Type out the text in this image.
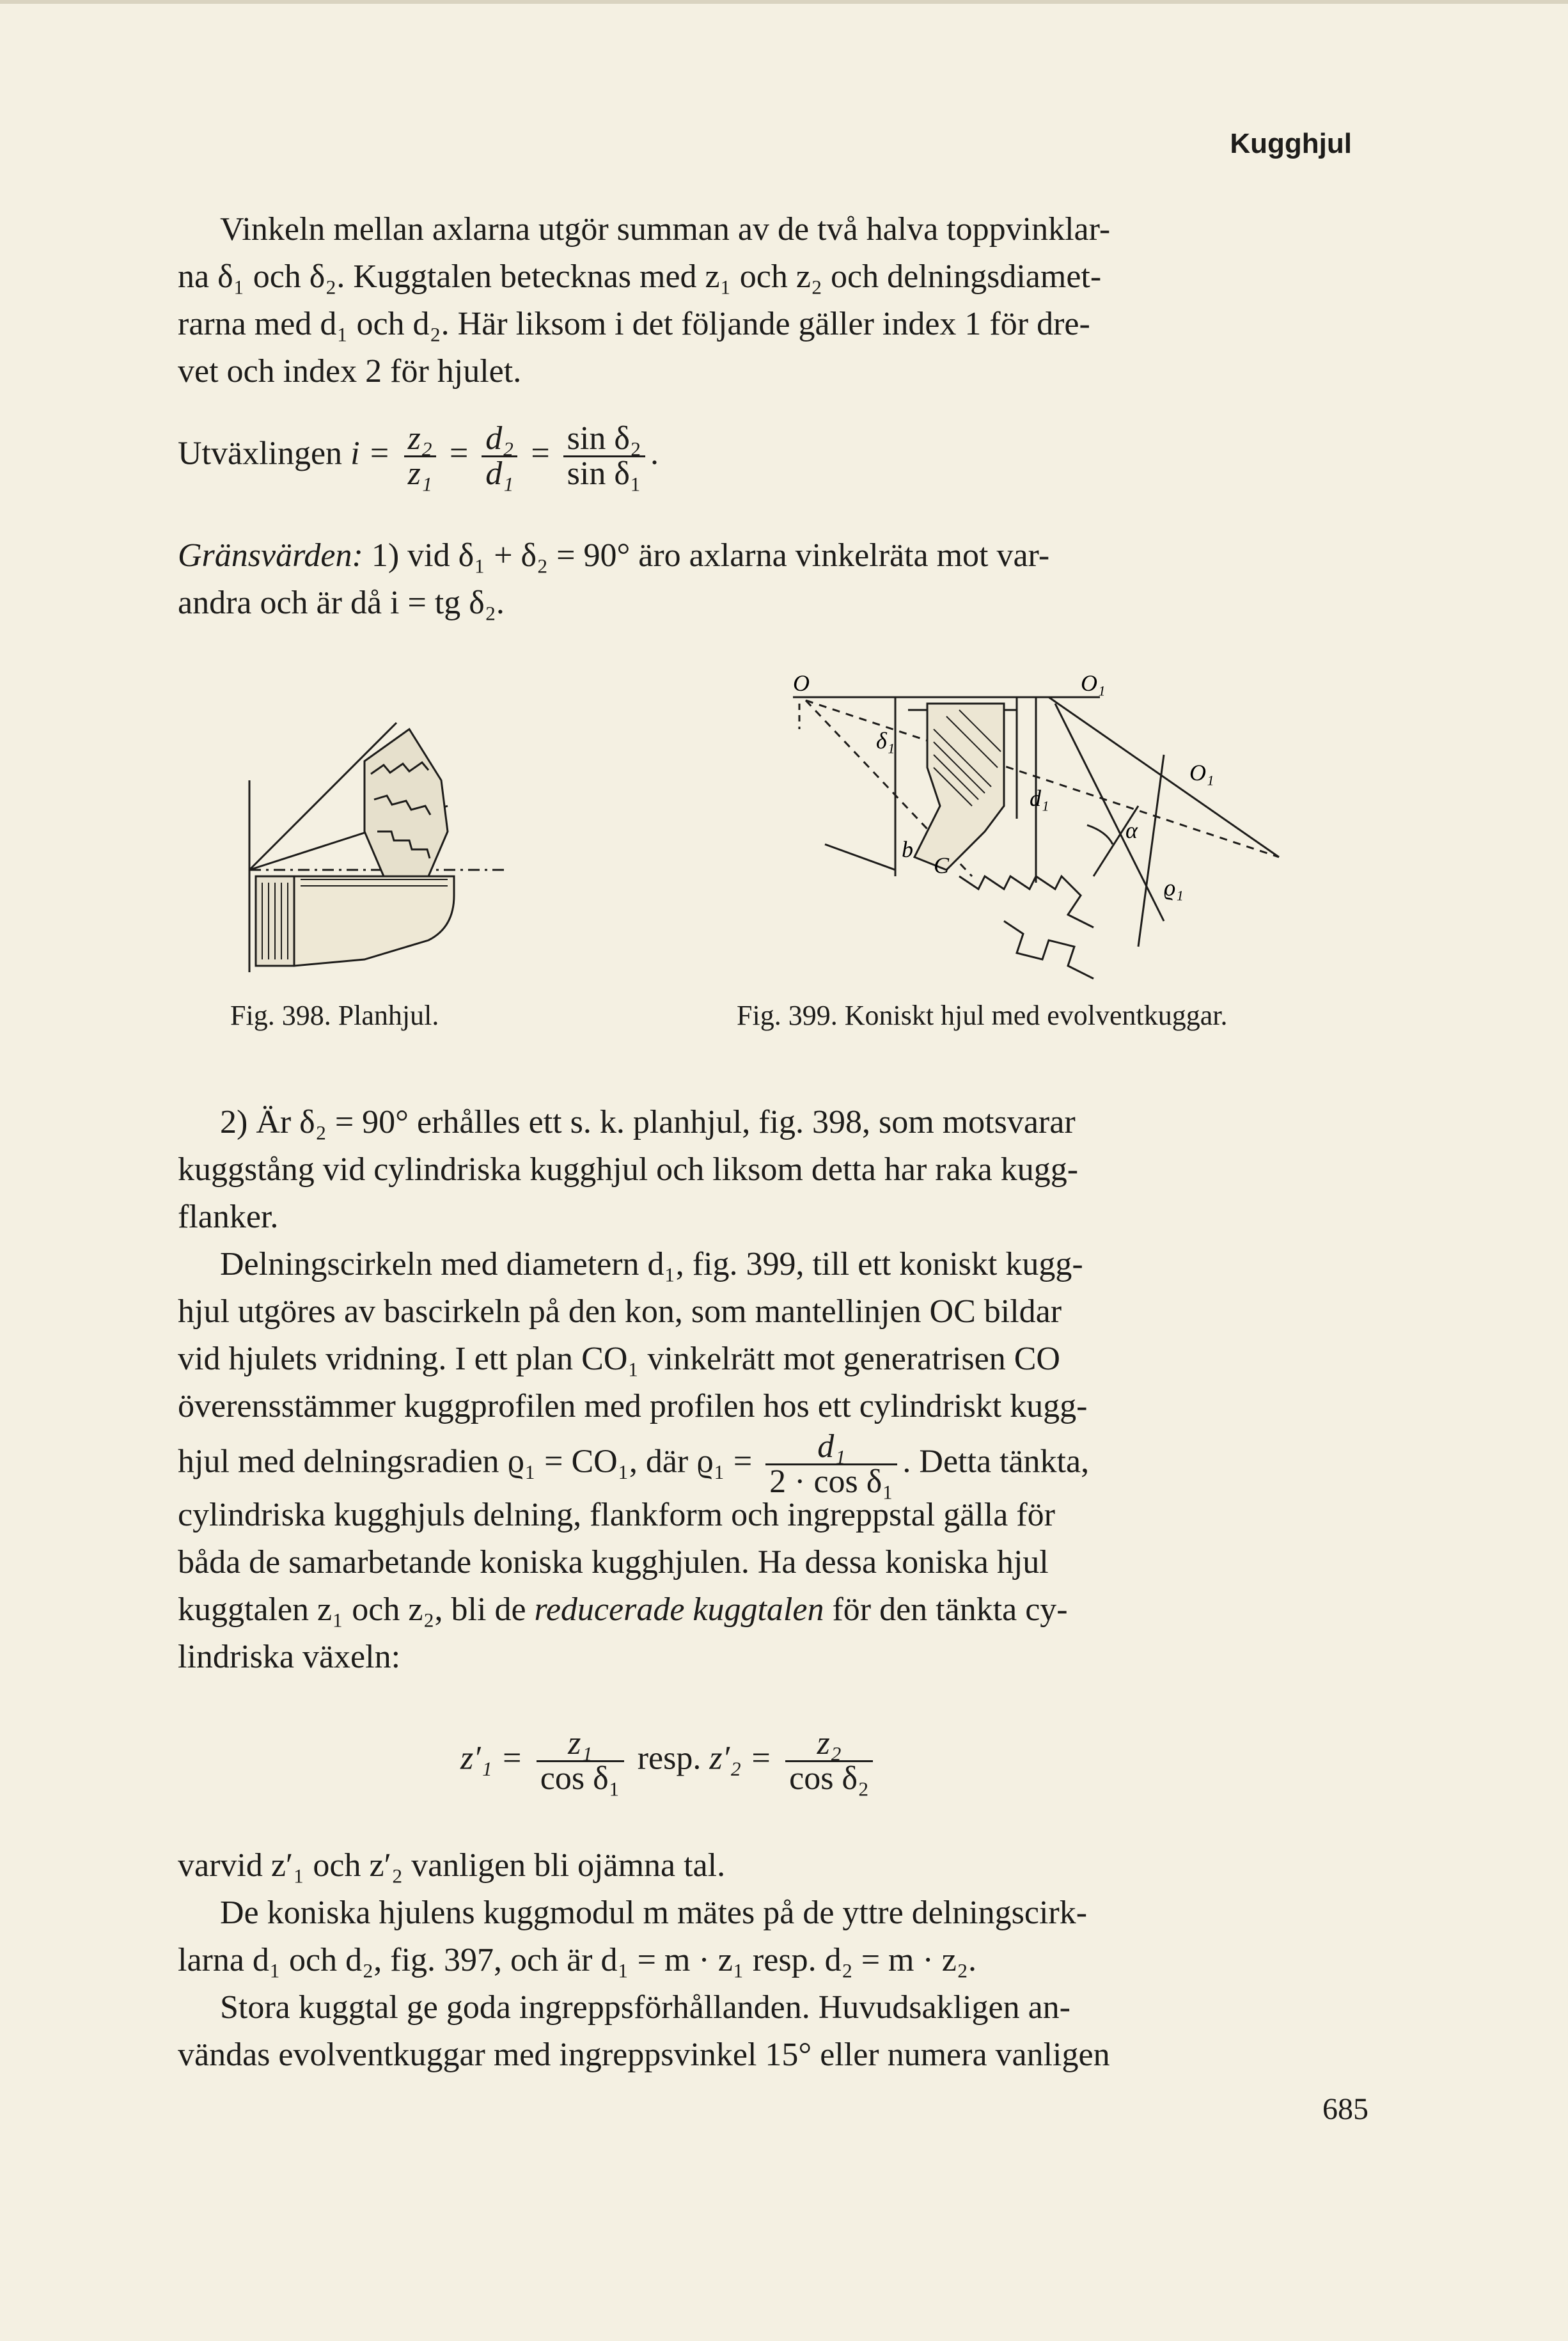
Kugghjul

Vinkeln mellan axlarna utgör summan av de två halva toppvinklar-

na δ₁ och δ₂. Kuggtalen betecknas med z₁ och z₂ och delningsdiamet-

rarna med d₁ och d₂. Här liksom i det följande gäller index 1 för dre-

vet och index 2 för hjulet.

Utväxlingen $i = \frac{\text{z₂}}{\text{z₁}} = \frac{\text{d₂}}{\text{d₁}} = \frac{\text{sin δ₂}}{\text{sin δ₁}}$ .

Gränsvärden: 1) vid δ₁ + δ₂ = 90° äro axlarna vinkelräta mot var-

andra och är då i = tg δ₂.

Fig. 398. Planhjul.
O	O₁
O₁
δ₁
d₁
α
ϱ₁
b
C
Fig. 399. Koniskt hjul med evolventkuggar.

2) Är δ₂ = 90° erhålles ett s. k. planhjul, fig. 398, som motsvarar

kuggstång vid cylindriska kugghjul och liksom detta har raka kugg-

flanker.

Delningscirkeln med diametern d₁, fig. 399, till ett koniskt kugg-

hjul utgöres av bascirkeln på den kon, som mantellinjen OC bildar

vid hjulets vridning. I ett plan CO₁ vinkelrätt mot generatrisen CO

överensstämmer kuggprofilen med profilen hos ett cylindriskt kugg-

hjul med delningsradien ϱ₁ = CO₁, där $ϱ_1 = \frac{\text{d₁}}{\text{2 · cos δ₁}}$ . Detta tänkta,

cylindriska kugghjuls delning, flankform och ingreppstal gälla för

båda de samarbetande koniska kugghjulen. Ha dessa koniska hjul

kuggtalen z₁ och z₂, bli de reducerade kuggtalen för den tänkta cy-

lindriska växeln:

$z'_1 = \frac{\text{z₁}}{\text{cos δ₁}}$ resp. $z'_2 = \frac{\text{z₂}}{\text{cos δ₂}}$

varvid z′₁ och z′₂ vanligen bli ojämna tal.

De koniska hjulens kuggmodul m mätes på de yttre delningscirk-

larna d₁ och d₂, fig. 397, och är d₁ = m · z₁ resp. d₂ = m · z₂.

Stora kuggtal ge goda ingreppsförhållanden. Huvudsakligen an-

vändas evolventkuggar med ingreppsvinkel 15° eller numera vanligen

685
